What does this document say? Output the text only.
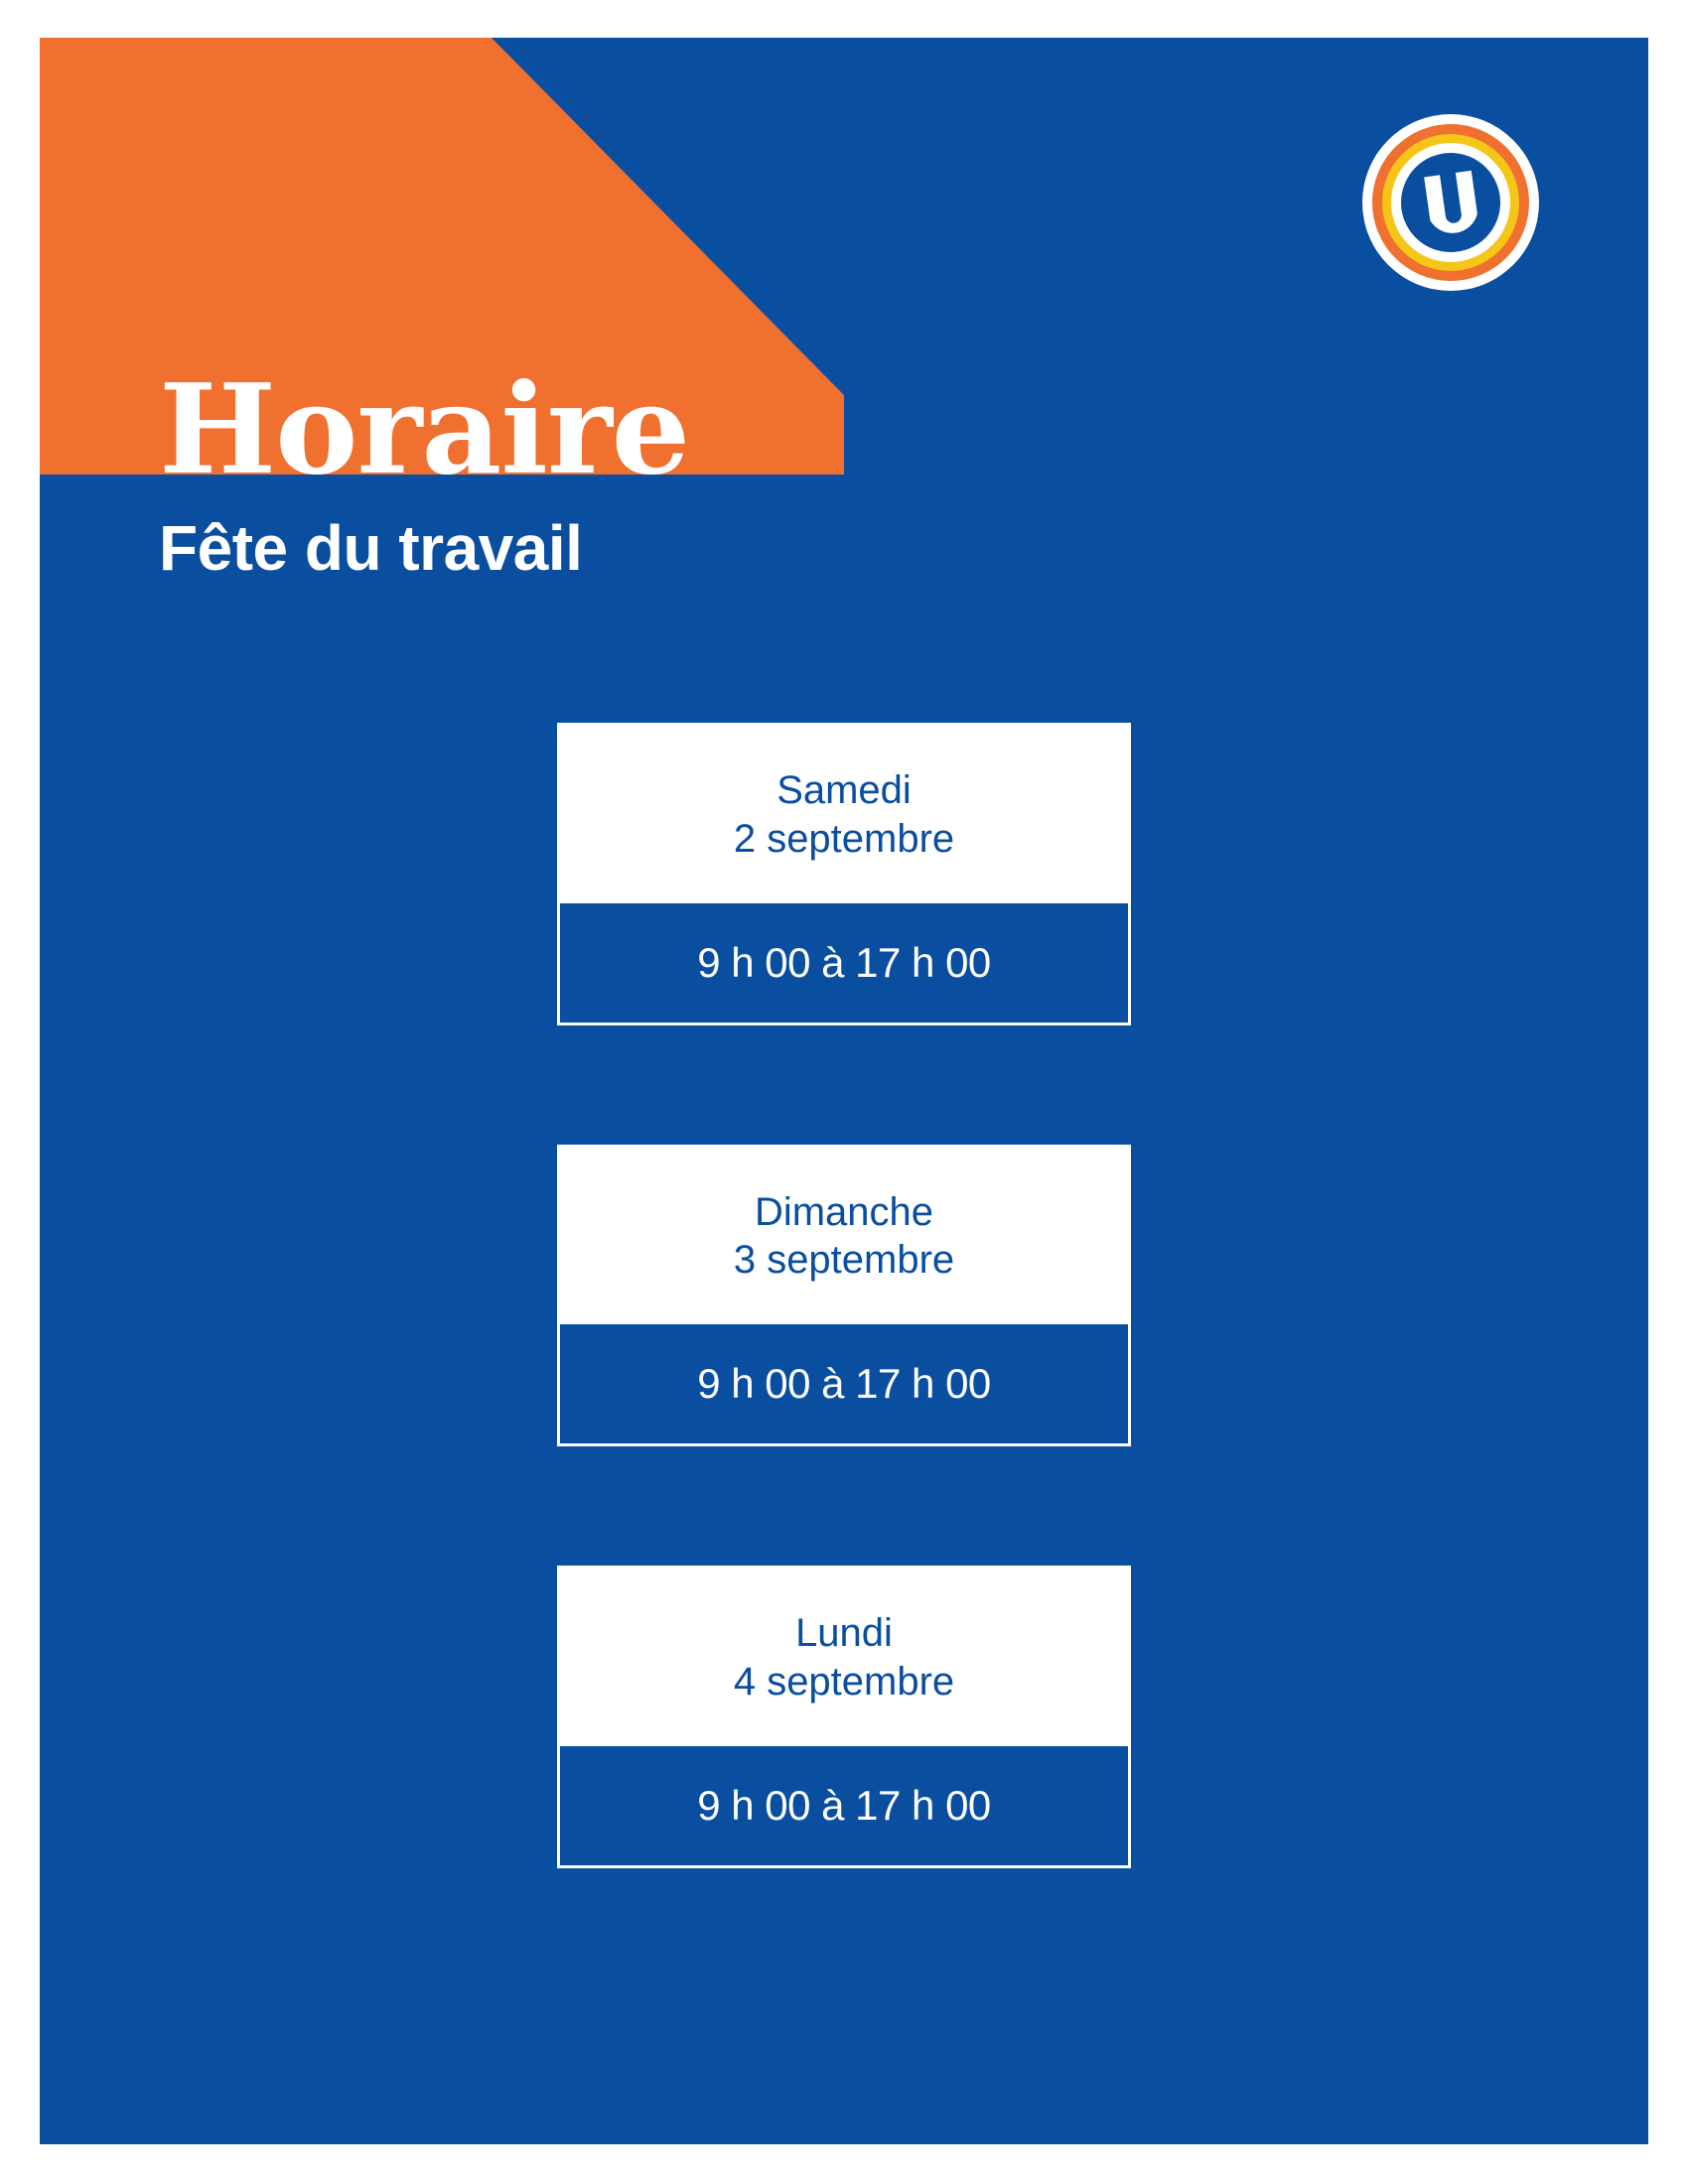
Horaire

Fête du travail

Samedi
2 septembre
9 h 00 à 17 h 00
Dimanche
3 septembre
9 h 00 à 17 h 00
Lundi
4 septembre
9 h 00 à 17 h 00
